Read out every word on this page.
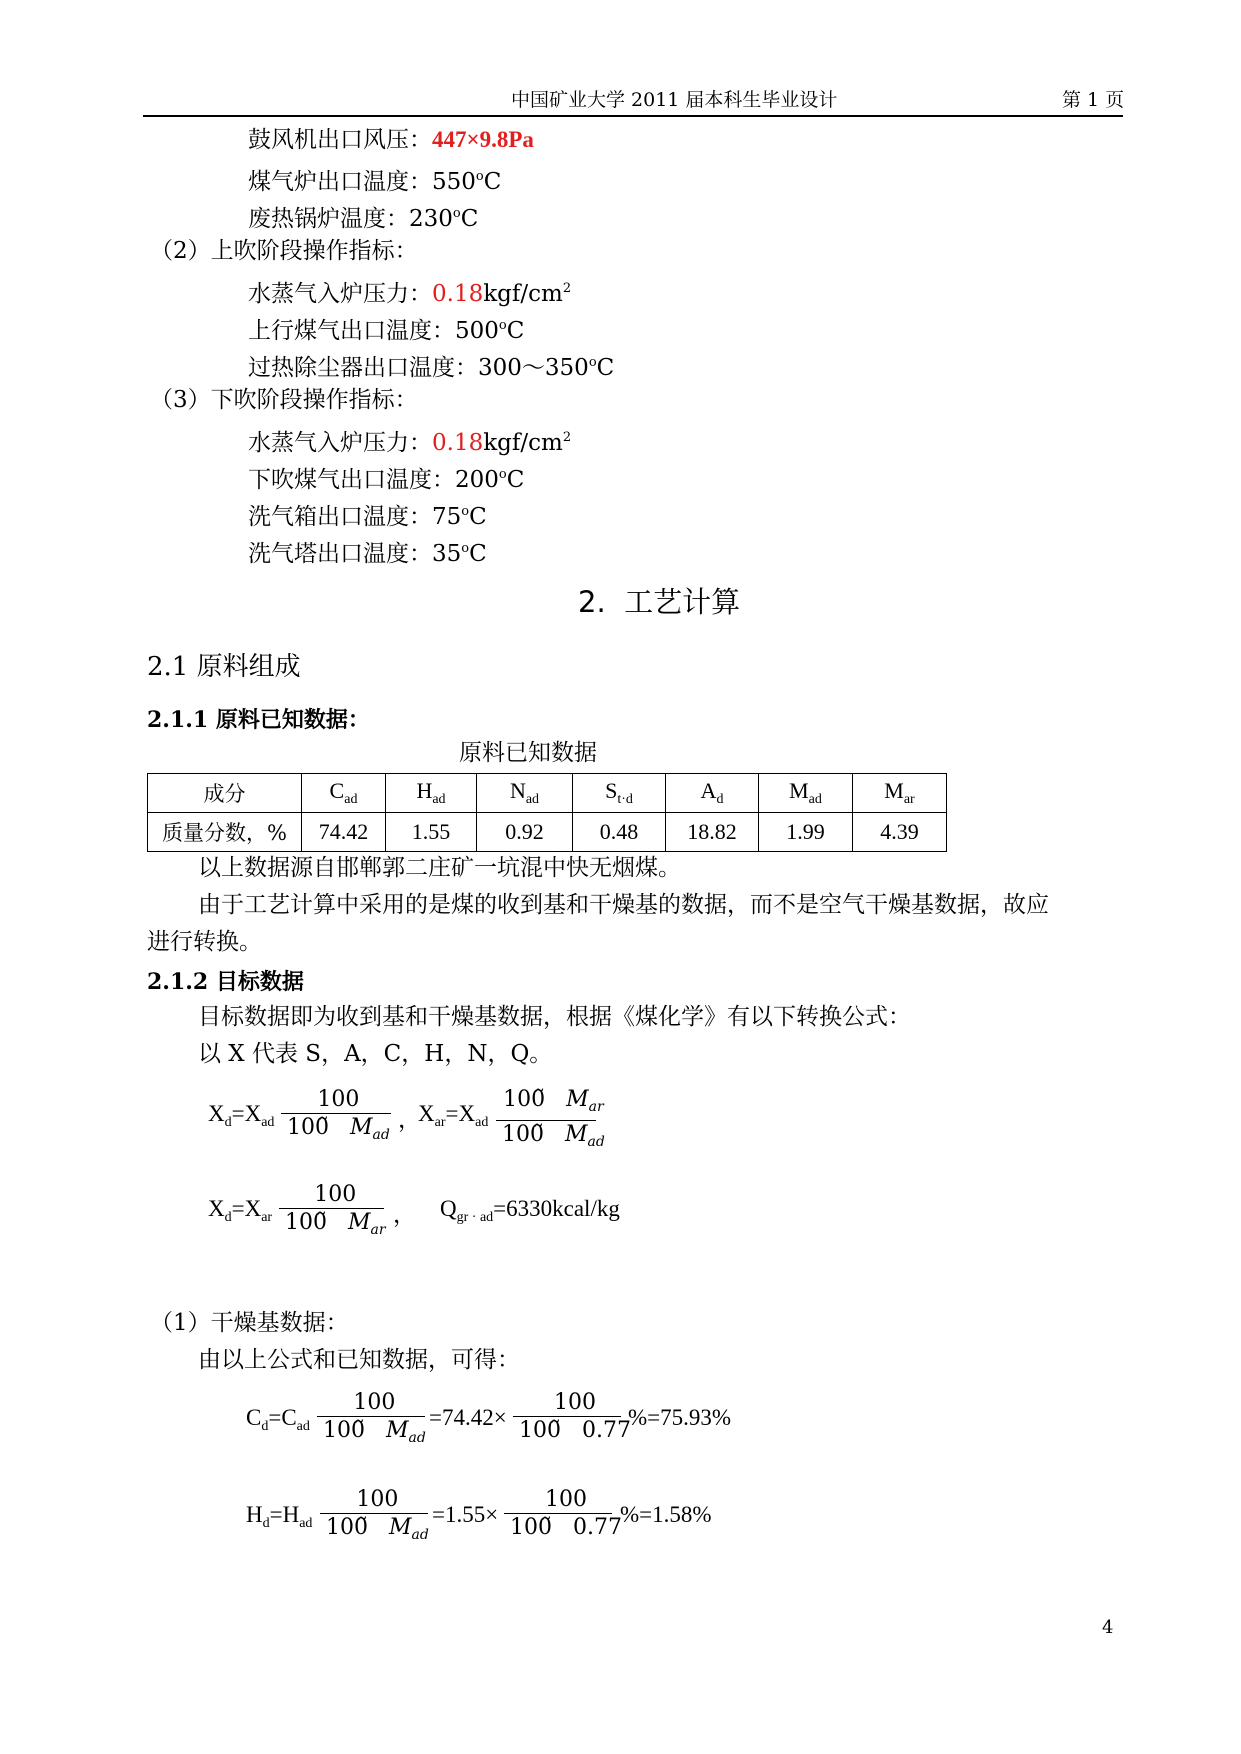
中国矿业大学 2011 届本科生毕业设计	第 1 页
鼓风机出口风压：447×9.8Pa
煤气炉出口温度：550$^o$C
废热锅炉温度：230$^o$C
（2）上吹阶段操作指标：
水蒸气入炉压力：$0.18kgf/cm^2$
上行煤气出口温度：500$^o$C
过热除尘器出口温度：300～350$^o$C
（3）下吹阶段操作指标：
水蒸气入炉压力：$0.18kgf/cm^2$
下吹煤气出口温度：200$^o$C
洗气箱出口温度：75$^o$C
洗气塔出口温度：35$^o$C
2. 工艺计算
2.1 原料组成
2.1.1 原料已知数据：
原料已知数据
成分	$C_{ad}$	$H_{ad}$	$N_{ad}$	$S_{t\cdot d}$	$A_d$	$M_{ad}$	$M_{ar}$
质量分数，%	74.42	1.55	0.92	0.48	18.82	1.99	4.39
以上数据源自邯郸郭二庄矿一坑混中快无烟煤。
由于工艺计算中采用的是煤的收到基和干燥基的数据，而不是空气干燥基数据，故应
进行转换。
2.1.2 目标数据
目标数据即为收到基和干燥基数据，根据《煤化学》有以下转换公式：
以 X 代表 S，A，C，H，N，Q。
$X_d=X_{ad}$
100
100̃   $M_{ad}$
，
$X_{ar}=X_{ad}$
100̃   $M_{ar}$
100̃   $M_{ad}$
$X_d=X_{ar}$
100
100̃   $M_{ar}$
， $Q_{gr \cdot ad}=6330kcal/kg$
（1）干燥基数据：
由以上公式和已知数据，可得：
$C_d=C_{ad}$
100
100̃   $M_{ad}$
=74.42×
100
100̃   0.77
%=75.93%
$H_d=H_{ad}$
100
100̃   $M_{ad}$
=1.55×
100
100̃   0.77
%=1.58%
4
